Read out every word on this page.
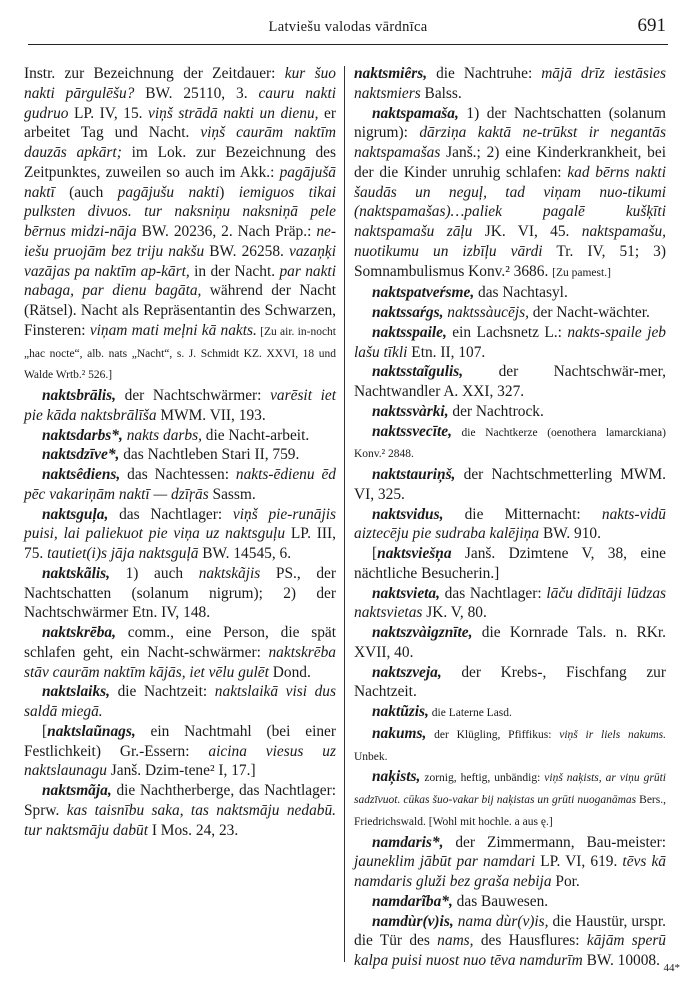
Latviešu valodas vārdnīca	691

Instr. zur Bezeichnung der Zeitdauer: kur šuo nakti pārgulēšu? BW. 25110, 3. cauru nakti gudruo LP. IV, 15. viņš strādā nakti un dienu, er arbeitet Tag und Nacht. viņš caurām naktīm dauzās apkārt; im Lok. zur Bezeichnung des Zeitpunktes, zuweilen so auch im Akk.: pagājušā naktī (auch pagājušu nakti) iemiguos tikai pulksten divuos. tur naksniņu naksniņā pele bērnus midzi-nāja BW. 20236, 2. Nach Präp.: ne-iešu pruojām bez triju nakšu BW. 26258. vazaņķi vazājas pa naktīm ap-kārt, in der Nacht. par nakti nabaga, par dienu bagāta, während der Nacht (Rätsel). Nacht als Repräsentantin des Schwarzen, Finsteren: viņam mati meļni kā nakts. [Zu air. in-nocht „hac nocte“, alb. nats „Nacht“, s. J. Schmidt KZ. XXVI, 18 und Walde Wrtb.² 526.]

naktsbrālis, der Nachtschwärmer: varēsit iet pie kāda naktsbrālīša MWM. VII, 193.

naktsdarbs*, nakts darbs, die Nacht-arbeit.

naktsdzīve*, das Nachtleben Stari II, 759.

naktsêdiens, das Nachtessen: nakts-ēdienu ēd pēc vakariņām naktī — dzīŗās Sassm.

naktsguļa, das Nachtlager: viņš pie-runājis puisi, lai paliekuot pie viņa uz naktsguļu LP. III, 75. tautiet(i)s jāja naktsguļā BW. 14545, 6.

naktskãlis, 1) auch naktskãjis PS., der Nachtschatten (solanum nigrum); 2) der Nachtschwärmer Etn. IV, 148.

naktskrēba, comm., eine Person, die spät schlafen geht, ein Nacht-schwärmer: naktskrēba stāv caurām naktīm kājās, iet vēlu gulēt Dond.

naktslaiks, die Nachtzeit: naktslaikā visi dus saldā miegā.

[naktslaũnags, ein Nachtmahl (bei einer Festlichkeit) Gr.-Essern: aicina viesus uz naktslaunagu Janš. Dzim-tene² I, 17.]

naktsmãja, die Nachtherberge, das Nachtlager: Sprw. kas taisnību saka, tas naktsmāju nedabū. tur naktsmāju dabūt I Mos. 24, 23.

naktsmiêrs, die Nachtruhe: mājā drīz iestāsies naktsmiers Balss.

naktspamaša, 1) der Nachtschatten (solanum nigrum): dārziņa kaktā ne-trūkst ir negantās naktspamašas Janš.; 2) eine Kinderkrankheit, bei der die Kinder unruhig schlafen: kad bērns nakti šaudās un neguļ, tad viņam nuo-tikumi (naktspamašas)…paliek pagalē kušķīti naktspamašu zāļu JK. VI, 45. naktspamašu, nuotikumu un izbīļu vārdi Tr. IV, 51; 3) Somnambulismus Konv.² 3686. [Zu pamest.]

naktspatveŕsme, das Nachtasyl.

naktssaŕgs, naktssàucējs, der Nacht-wächter.

naktsspaile, ein Lachsnetz L.: nakts-spaile jeb lašu tīkli Etn. II, 107.

naktsstaĩgulis, der Nachtschwär-mer, Nachtwandler A. XXI, 327.

naktssvàrki, der Nachtrock.

naktssvecīte, die Nachtkerze (oenothera lamarckiana) Konv.² 2848.

naktstauriņš, der Nachtschmetterling MWM. VI, 325.

naktsvidus, die Mitternacht: nakts-vidū aiztecēju pie sudraba kalējiņa BW. 910.

[naktsviešņa Janš. Dzimtene V, 38, eine nächtliche Besucherin.]

naktsvieta, das Nachtlager: lāču dīdītāji lūdzas naktsvietas JK. V, 80.

naktszvàigznīte, die Kornrade Tals. n. RKr. XVII, 40.

naktszveja, der Krebs-, Fischfang zur Nachtzeit.

naktũzis, die Laterne Lasd.

nakums, der Klügling, Pfiffikus: viņš ir liels nakums. Unbek.

naķists, zornig, heftig, unbändig: viņš naķists, ar viņu grūti sadzīvuot. cūkas šuo-vakar bij naķistas un grūti nuoganāmas Bers., Friedrichswald. [Wohl mit hochle. a aus ę.]

namdaris*, der Zimmermann, Bau-meister: jauneklim jābūt par namdari LP. VI, 619. tēvs kā namdaris gluži bez graša nebija Por.

namdarĩba*, das Bauwesen.

namdùr(v)is, nama dùr(v)is, die Haustür, urspr. die Tür des nams, des Hausflures: kājām sperū kalpa puisi nuost nuo tēva namdurīm BW. 10008. 44*
